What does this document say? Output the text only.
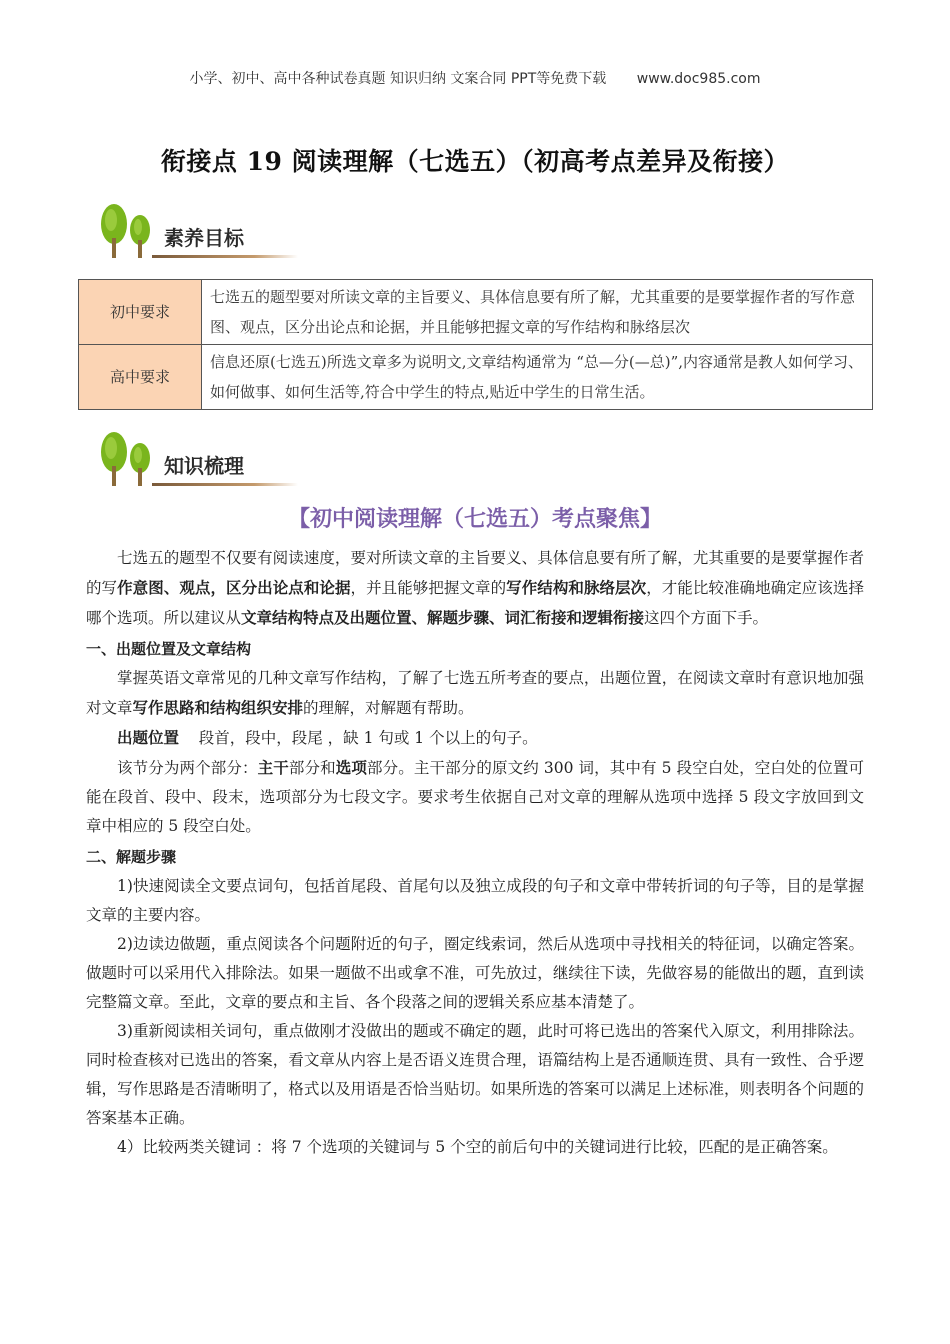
小学、初中、高中各种试卷真题 知识归纳 文案合同 PPT等免费下载 www.doc985.com
衔接点 19 阅读理解（七选五）（初高考点差异及衔接）
素养目标
初中要求	七选五的题型要对所读文章的主旨要义、具体信息要有所了解，尤其重要的是要掌握作者的写作意图、观点，区分出论点和论据，并且能够把握文章的写作结构和脉络层次
高中要求	信息还原(七选五)所选文章多为说明文,文章结构通常为 “总—分(—总)”,内容通常是教人如何学习、如何做事、如何生活等,符合中学生的特点,贴近中学生的日常生活。
知识梳理
【初中阅读理解（七选五）考点聚焦】

七选五的题型不仅要有阅读速度，要对所读文章的主旨要义、具体信息要有所了解，尤其重要的是要掌握作者的写作意图、观点，区分出论点和论据，并且能够把握文章的写作结构和脉络层次，才能比较准确地确定应该选择哪个选项。所以建议从文章结构特点及出题位置、解题步骤、词汇衔接和逻辑衔接这四个方面下手。

一、出题位置及文章结构

掌握英语文章常见的几种文章写作结构，了解了七选五所考查的要点，出题位置，在阅读文章时有意识地加强对文章写作思路和结构组织安排的理解，对解题有帮助。

出题位置 段首，段中，段尾 ，缺 1 句或 1 个以上的句子。

该节分为两个部分：主干部分和选项部分。主干部分的原文约 300 词，其中有 5 段空白处，空白处的位置可能在段首、段中、段末，选项部分为七段文字。要求考生依据自己对文章的理解从选项中选择 5 段文字放回到文章中相应的 5 段空白处。

二、解题步骤

1)快速阅读全文要点词句，包括首尾段、首尾句以及独立成段的句子和文章中带转折词的句子等，目的是掌握文章的主要内容。

2)边读边做题，重点阅读各个问题附近的句子，圈定线索词，然后从选项中寻找相关的特征词，以确定答案。做题时可以采用代入排除法。如果一题做不出或拿不准，可先放过，继续往下读，先做容易的能做出的题，直到读完整篇文章。至此，文章的要点和主旨、各个段落之间的逻辑关系应基本清楚了。

3)重新阅读相关词句，重点做刚才没做出的题或不确定的题，此时可将已选出的答案代入原文，利用排除法。同时检查核对已选出的答案，看文章从内容上是否语义连贯合理，语篇结构上是否通顺连贯、具有一致性、合乎逻辑，写作思路是否清晰明了，格式以及用语是否恰当贴切。如果所选的答案可以满足上述标准，则表明各个问题的答案基本正确。

4）比较两类关键词 ：将 7 个选项的关键词与 5 个空的前后句中的关键词进行比较，匹配的是正确答案。
